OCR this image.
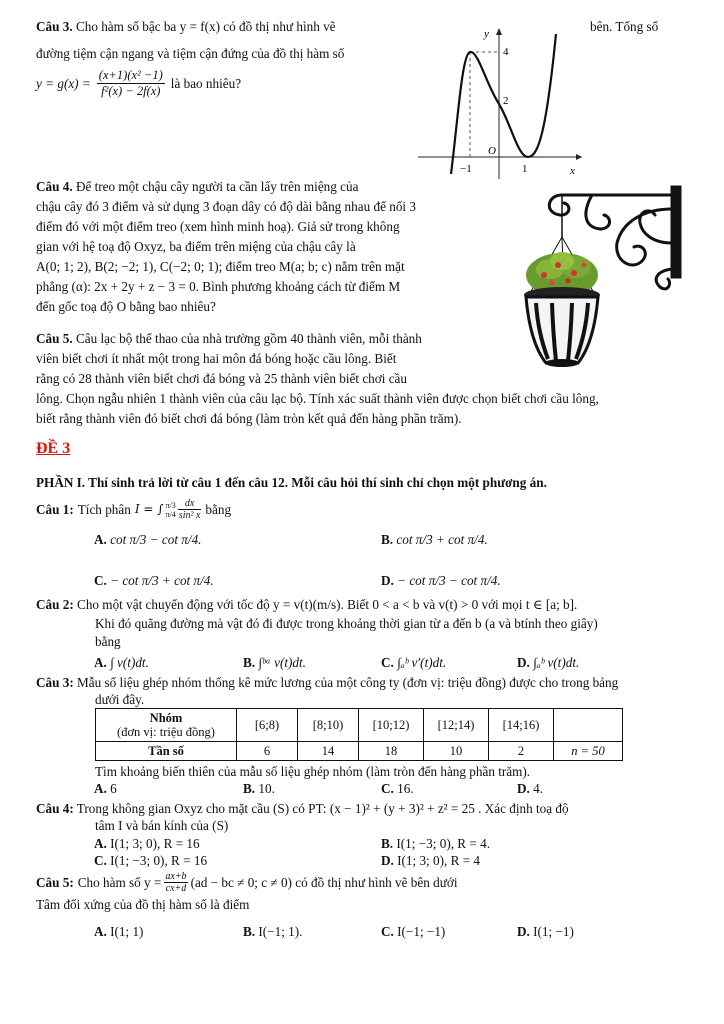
Câu 3. Cho hàm số bậc ba y = f(x) có đồ thị như hình vẽ	bên. Tổng số
đường tiệm cận ngang và tiệm cận đứng của đồ thị hàm số
$y = g(x) = \frac{\text{(x+1)(x² −1)}}{\text{f²(x) − 2f(x)}}$ là bao nhiêu?
y
x
O
4
2
−1	1
Câu 4. Để treo một chậu cây người ta cần lấy trên miệng của
chậu cây đó 3 điểm và sử dụng 3 đoạn dây có độ dài bằng nhau để nối 3
điểm đó với một điểm treo (xem hình minh hoạ). Giả sử trong không
gian với hệ toạ độ Oxyz, ba điểm trên miệng của chậu cây là
A(0; 1; 2), B(2; −2; 1), C(−2; 0; 1); điểm treo M(a; b; c) nằm trên mặt
phẳng (α): 2x + 2y + z − 3 = 0. Bình phương khoảng cách từ điểm M
đến gốc toạ độ O bằng bao nhiêu?
Câu 5. Câu lạc bộ thể thao của nhà trường gồm 40 thành viên, mỗi thành
viên biết chơi ít nhất một trong hai môn đá bóng hoặc cầu lông. Biết
rằng có 28 thành viên biết chơi đá bóng và 25 thành viên biết chơi cầu
lông. Chọn ngẫu nhiên 1 thành viên của câu lạc bộ. Tính xác suất thành viên được chọn biết chơi cầu lông,
biết rằng thành viên đó biết chơi đá bóng (làm tròn kết quả đến hàng phần trăm).
ĐỀ 3
PHẦN I. Thí sinh trả lời từ câu 1 đến câu 12. Mỗi câu hỏi thí sinh chỉ chọn một phương án.
Câu 1: Tích phân I = ∫ π/3
$\pi/4 \frac{dx}{\text{sin² x}}$ bằng
A. cot π/3 − cot π/4.	B. cot π/3 + cot π/4.
C. − cot π/3 + cot π/4.	D. − cot π/3 − cot π/4.
Câu 2: Cho một vật chuyển động với tốc độ y = v(t)(m/s). Biết 0 < a < b và v(t) > 0 với mọi t ∈ [a; b].
Khi đó quãng đường mà vật đó đi được trong khoảng thời gian từ a đến b (a và btính theo giây)
bằng
A. ∫ v(t)dt.	B. ∫ᵇᵃ v(t)dt.	C. ∫ₐᵇ v′(t)dt.	D. ∫ₐᵇ v(t)dt.
Câu 3: Mẫu số liệu ghép nhóm thống kê mức lương của một công ty (đơn vị: triệu đồng) được cho trong bảng
dưới đây.
Nhóm
(đơn vị: triệu đồng)	[6;8)	[8;10)	[10;12)	[12;14)	[14;16)	
Tần số	6	14	18	10	2	n = 50
Tìm khoảng biến thiên của mẫu số liệu ghép nhóm (làm tròn đến hàng phần trăm).
A. 6	B. 10.	C. 16.	D. 4.
Câu 4: Trong không gian Oxyz cho mặt cầu (S) có PT: (x − 1)² + (y + 3)² + z² = 25 . Xác định toạ độ
tâm I và bán kính của (S)
A. I(1; 3; 0), R = 16	B. I(1; −3; 0), R = 4.
C. I(1; −3; 0), R = 16	D. I(1; 3; 0), R = 4
Câu 5: Cho hàm số $y = \frac{ax+b}{cx+d} (ad$ − bc ≠ 0; c ≠ 0) có đồ thị như hình vẽ bên dưới
Tâm đối xứng của đồ thị hàm số là điểm
A. I(1; 1)	B. I(−1; 1).	C. I(−1; −1)	D. I(1; −1)
